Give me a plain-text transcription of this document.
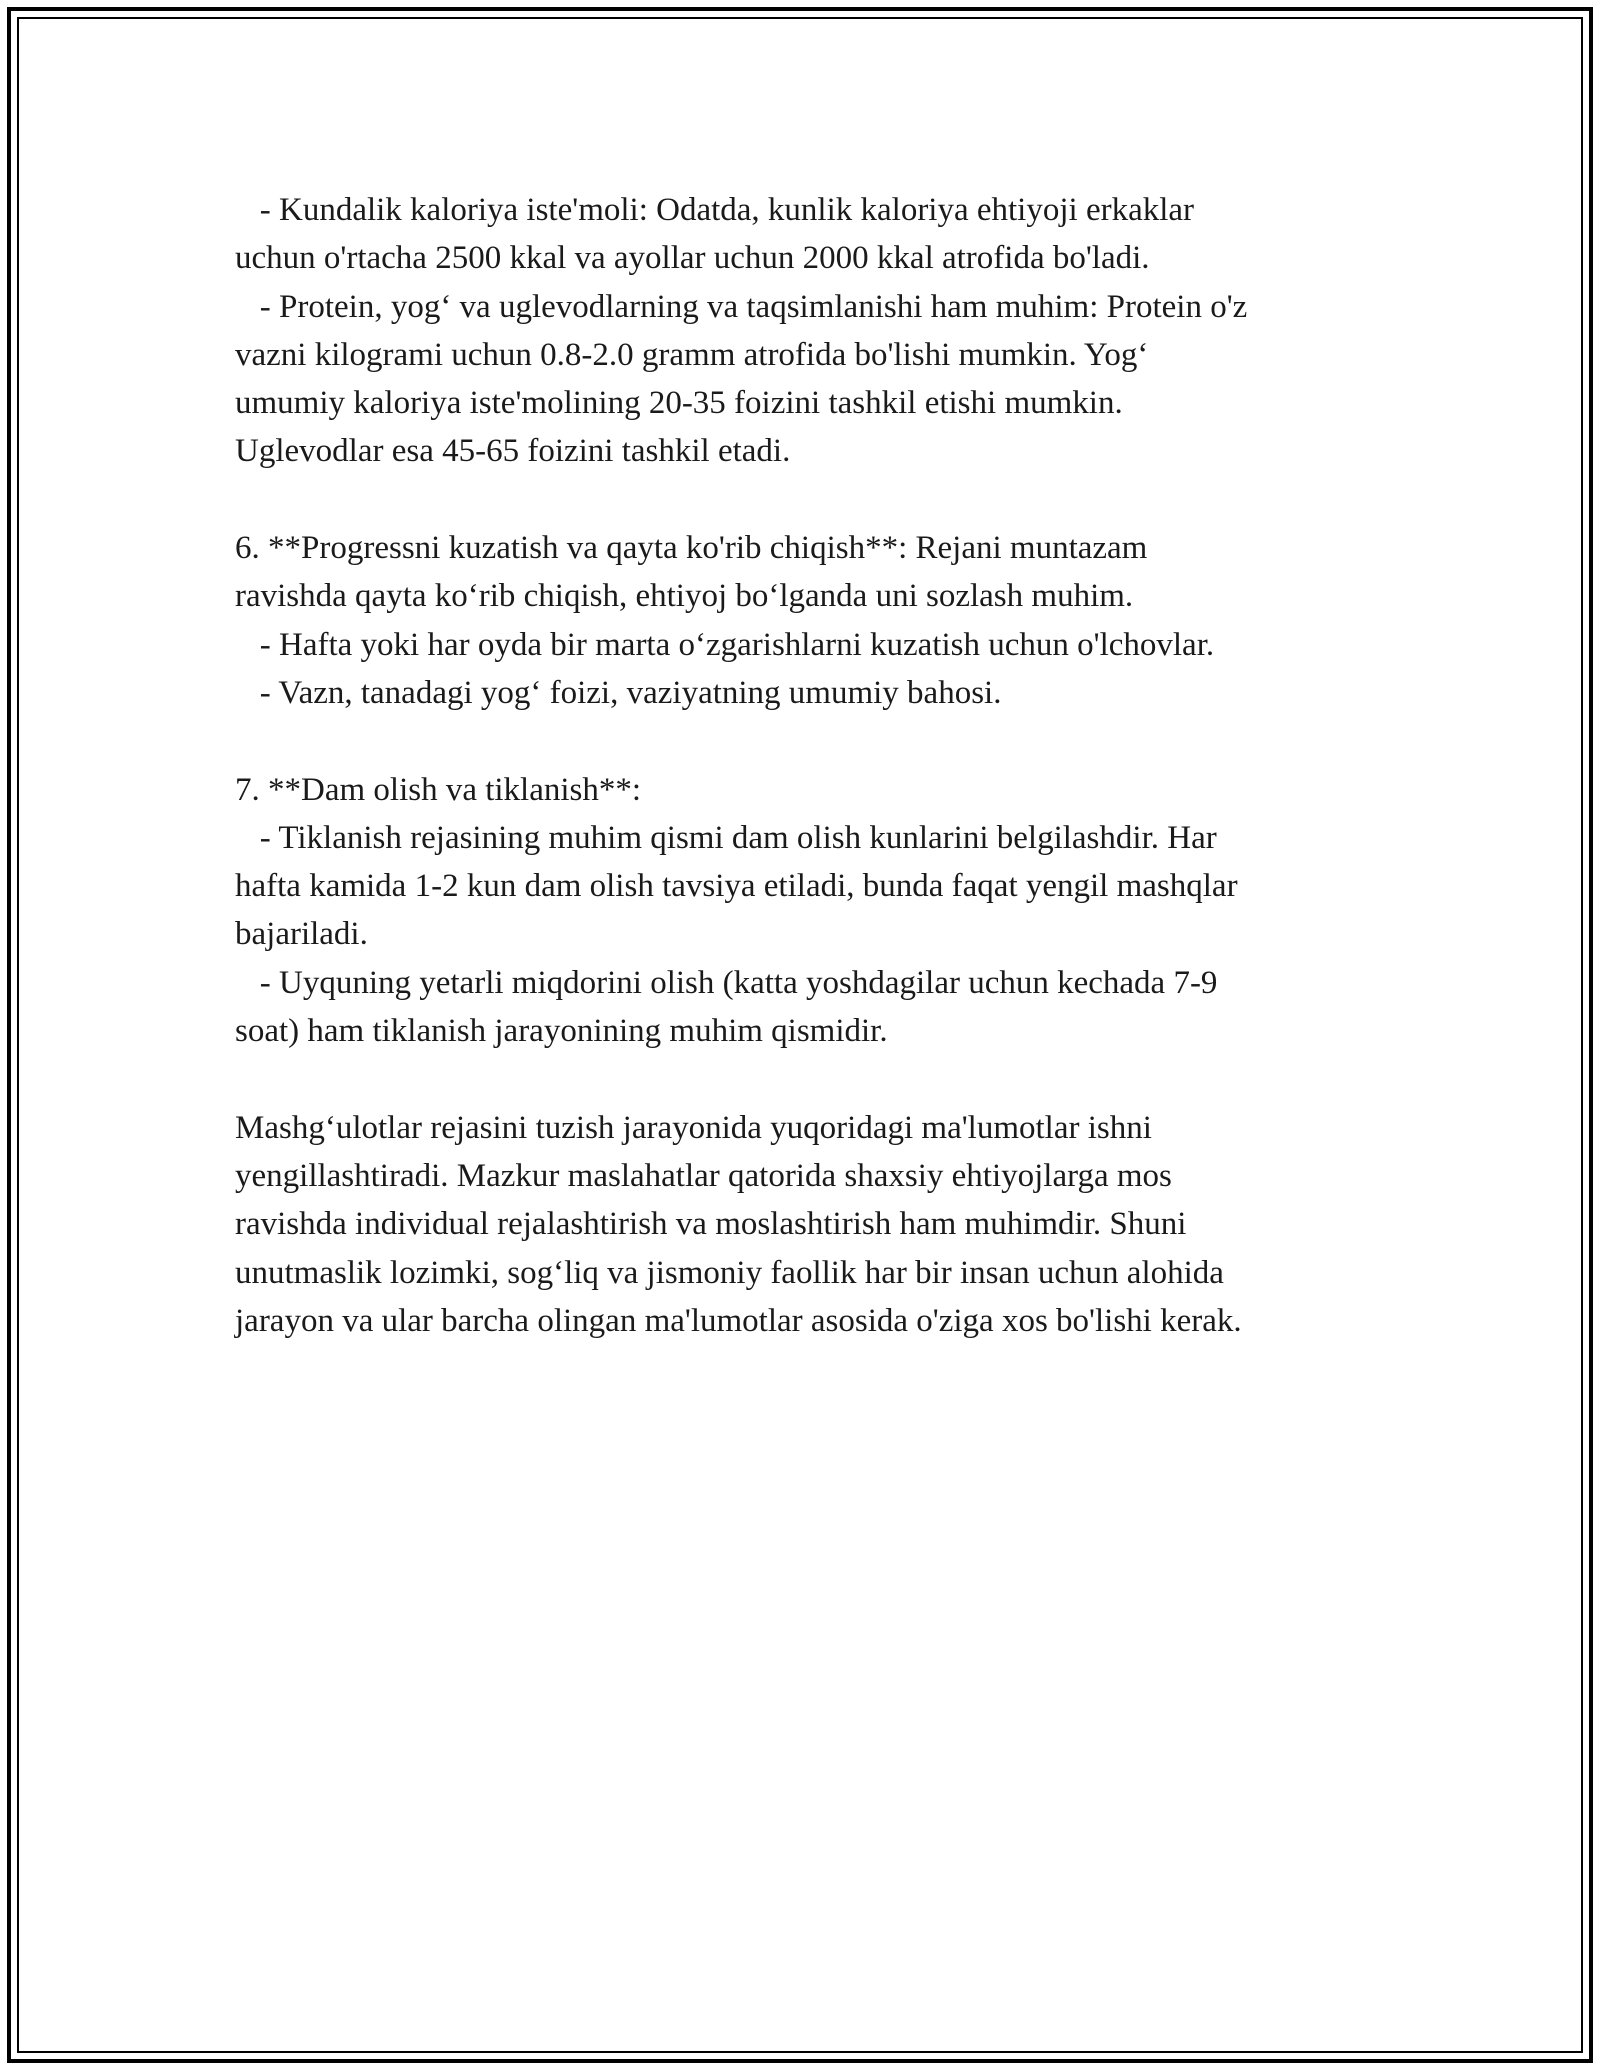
- Kundalik kaloriya iste'moli: Odatda, kunlik kaloriya ehtiyoji erkaklar

uchun o'rtacha 2500 kkal va ayollar uchun 2000 kkal atrofida bo'ladi.

- Protein, yog‘ va uglevodlarning va taqsimlanishi ham muhim: Protein o'z

vazni kilogrami uchun 0.8-2.0 gramm atrofida bo'lishi mumkin. Yog‘

umumiy kaloriya iste'molining 20-35 foizini tashkil etishi mumkin.

Uglevodlar esa 45-65 foizini tashkil etadi.

6. **Progressni kuzatish va qayta ko'rib chiqish**: Rejani muntazam

ravishda qayta ko‘rib chiqish, ehtiyoj bo‘lganda uni sozlash muhim.

- Hafta yoki har oyda bir marta o‘zgarishlarni kuzatish uchun o'lchovlar.

- Vazn, tanadagi yog‘ foizi, vaziyatning umumiy bahosi.

7. **Dam olish va tiklanish**:

- Tiklanish rejasining muhim qismi dam olish kunlarini belgilashdir. Har

hafta kamida 1-2 kun dam olish tavsiya etiladi, bunda faqat yengil mashqlar

bajariladi.

- Uyquning yetarli miqdorini olish (katta yoshdagilar uchun kechada 7-9

soat) ham tiklanish jarayonining muhim qismidir.

Mashg‘ulotlar rejasini tuzish jarayonida yuqoridagi ma'lumotlar ishni

yengillashtiradi. Mazkur maslahatlar qatorida shaxsiy ehtiyojlarga mos

ravishda individual rejalashtirish va moslashtirish ham muhimdir. Shuni

unutmaslik lozimki, sog‘liq va jismoniy faollik har bir insan uchun alohida

jarayon va ular barcha olingan ma'lumotlar asosida o'ziga xos bo'lishi kerak.
